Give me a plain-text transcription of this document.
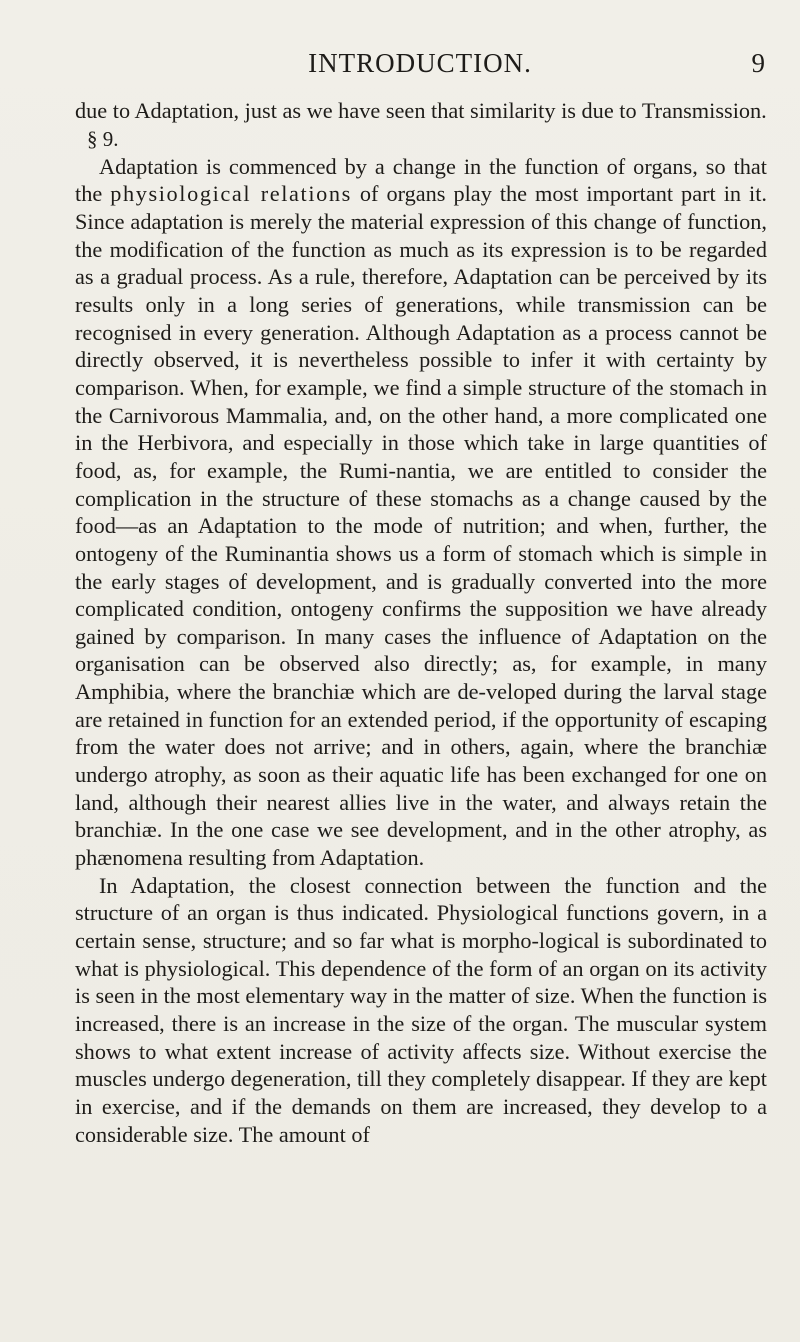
INTRODUCTION.	9

due to Adaptation, just as we have seen that similarity is due to Transmission.

§ 9.

Adaptation is commenced by a change in the function of organs, so that the physiological relations of organs play the most important part in it. Since adaptation is merely the material expression of this change of function, the modification of the function as much as its expression is to be regarded as a gradual process. As a rule, therefore, Adaptation can be perceived by its results only in a long series of generations, while transmission can be recognised in every generation. Although Adaptation as a process cannot be directly observed, it is nevertheless possible to infer it with certainty by comparison. When, for example, we find a simple structure of the stomach in the Carnivorous Mammalia, and, on the other hand, a more complicated one in the Herbivora, and especially in those which take in large quantities of food, as, for example, the Rumi-nantia, we are entitled to consider the complication in the structure of these stomachs as a change caused by the food—as an Adaptation to the mode of nutrition; and when, further, the ontogeny of the Ruminantia shows us a form of stomach which is simple in the early stages of development, and is gradually converted into the more complicated condition, ontogeny confirms the supposition we have already gained by comparison. In many cases the influence of Adaptation on the organisation can be observed also directly; as, for example, in many Amphibia, where the branchiæ which are de-veloped during the larval stage are retained in function for an extended period, if the opportunity of escaping from the water does not arrive; and in others, again, where the branchiæ undergo atrophy, as soon as their aquatic life has been exchanged for one on land, although their nearest allies live in the water, and always retain the branchiæ. In the one case we see development, and in the other atrophy, as phænomena resulting from Adaptation.

In Adaptation, the closest connection between the function and the structure of an organ is thus indicated. Physiological functions govern, in a certain sense, structure; and so far what is morpho-logical is subordinated to what is physiological. This dependence of the form of an organ on its activity is seen in the most elementary way in the matter of size. When the function is increased, there is an increase in the size of the organ. The muscular system shows to what extent increase of activity affects size. Without exercise the muscles undergo degeneration, till they completely disappear. If they are kept in exercise, and if the demands on them are increased, they develop to a considerable size. The amount of
